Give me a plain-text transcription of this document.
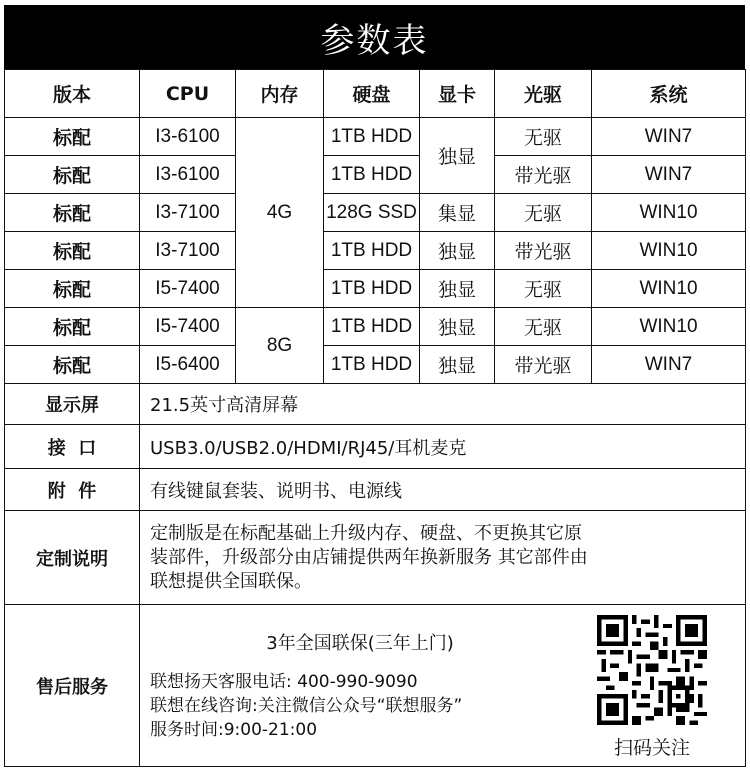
参数表
版本	CPU	内存	硬盘	显卡	光驱	系统
标配	I3-6100	4G	1TB HDD	独显	无驱	WIN7
标配	I3-6100		1TB HDD		带光驱	WIN7
标配	I3-7100		128G SSD	集显	无驱	WIN10
标配	I3-7100		1TB HDD	独显	带光驱	WIN10
标配	I5-7400		1TB HDD	独显	无驱	WIN10
标配	I5-7400	8G	1TB HDD	独显	无驱	WIN10
标配	I5-6400		1TB HDD	独显	带光驱	WIN7
显示屏	21.5英寸高清屏幕
接  口	USB3.0/USB2.0/HDMI/RJ45/耳机麦克
附  件	有线键鼠套装、说明书、电源线
定制说明	定制版是在标配基础上升级内存、硬盘、不更换其它原
装部件，升级部分由店铺提供两年换新服务 其它部件由
联想提供全国联保。

售后服务	3年全国联保(三年上门)
联想扬天客服电话: 400-990-9090
联想在线咨询:关注微信公众号“联想服务”
服务时间:9:00-21:00
扫码关注
